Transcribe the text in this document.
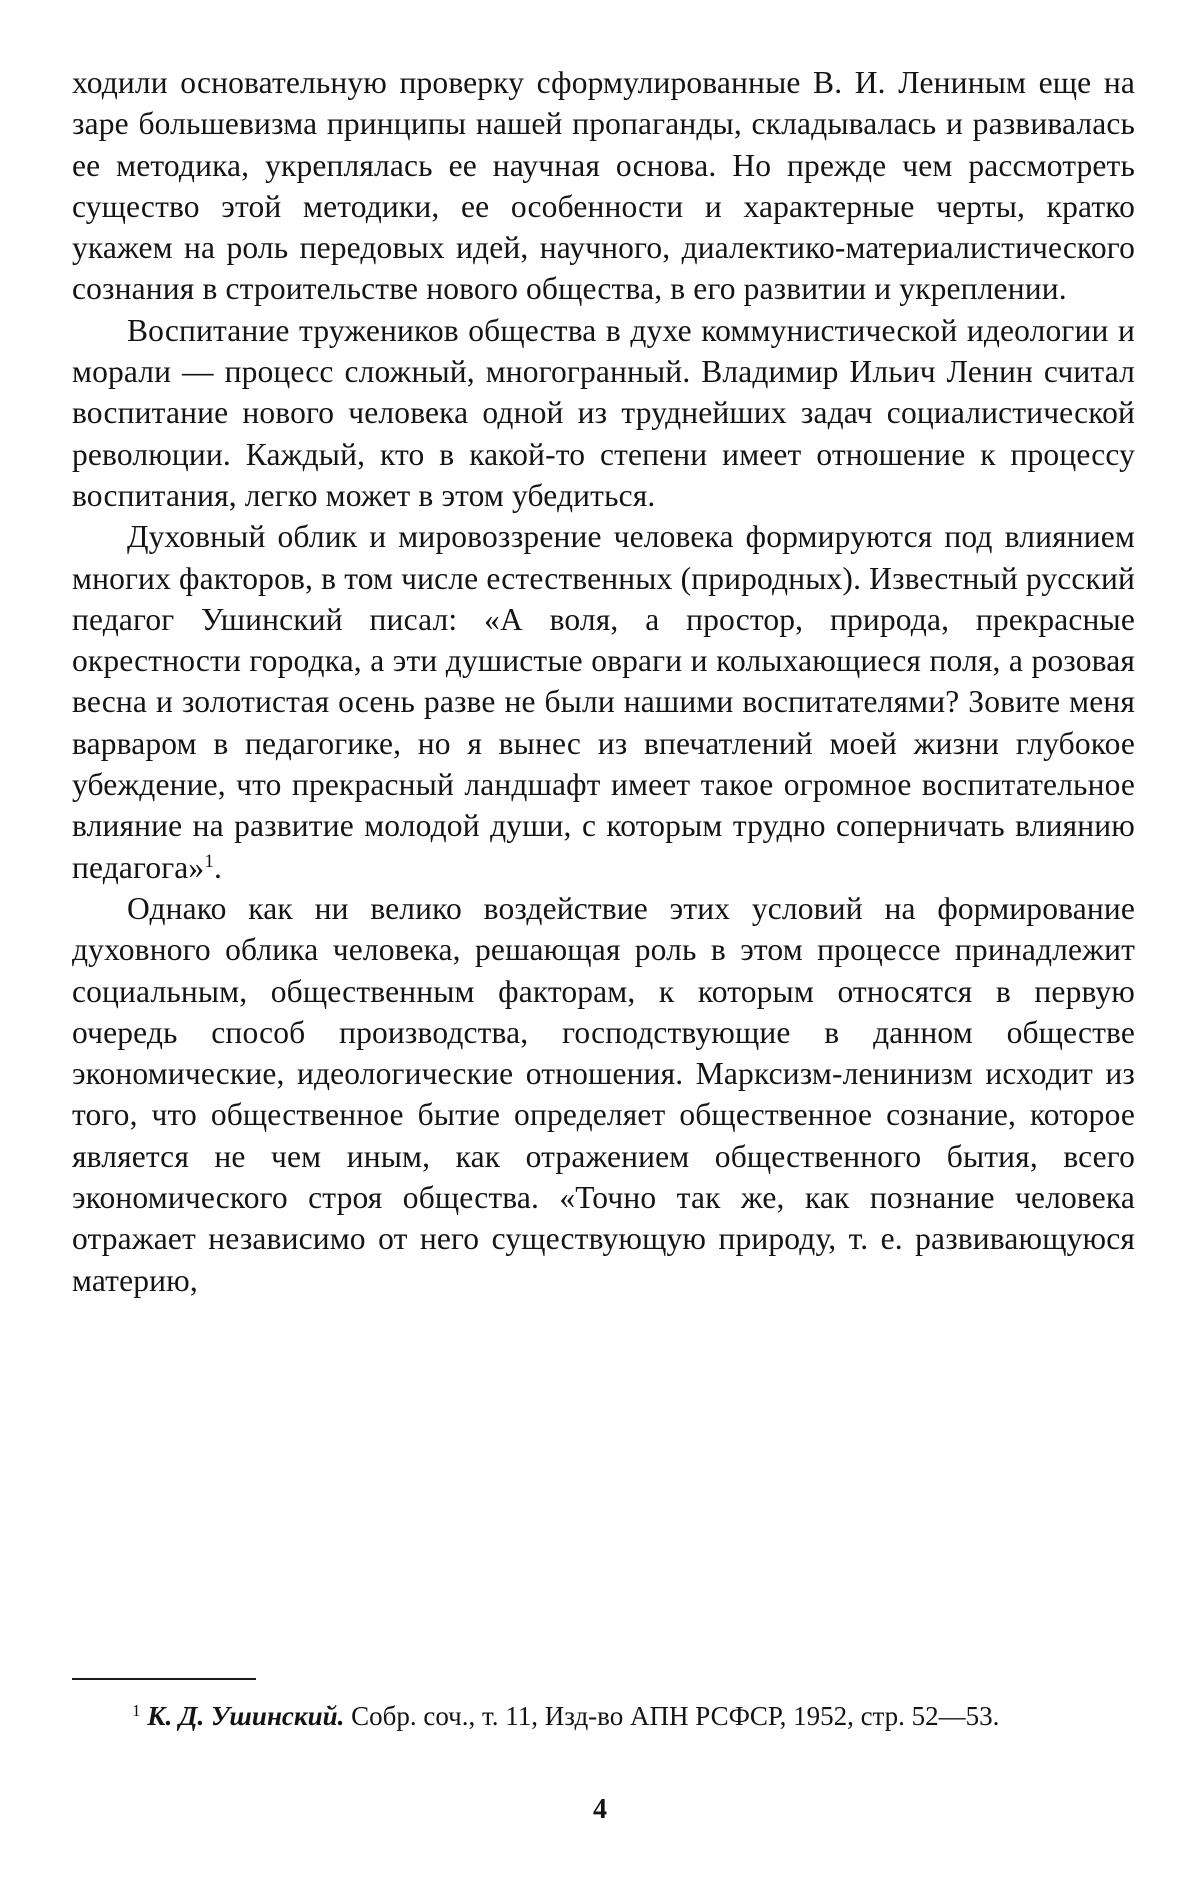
ходили основательную проверку сформулированные В. И. Лениным еще на заре большевизма принципы нашей пропаганды, складывалась и развивалась ее методика, укреплялась ее научная основа. Но прежде чем рассмотреть существо этой методики, ее особенности и характерные черты, кратко укажем на роль передовых идей, научного, диалектико-материалистического сознания в строительстве нового общества, в его развитии и укреплении.

Воспитание тружеников общества в духе коммунистической идеологии и морали — процесс сложный, многогранный. Владимир Ильич Ленин считал воспитание нового человека одной из труднейших задач социалистической революции. Каждый, кто в какой-то степени имеет отношение к процессу воспитания, легко может в этом убедиться.

Духовный облик и мировоззрение человека формируются под влиянием многих факторов, в том числе естественных (природных). Известный русский педагог Ушинский писал: «А воля, а простор, природа, прекрасные окрестности городка, а эти душистые овраги и колыхающиеся поля, а розовая весна и золотистая осень разве не были нашими воспитателями? Зовите меня варваром в педагогике, но я вынес из впечатлений моей жизни глубокое убеждение, что прекрасный ландшафт имеет такое огромное воспитательное влияние на развитие молодой души, с которым трудно соперничать влиянию педагога»$^1$.

Однако как ни велико воздействие этих условий на формирование духовного облика человека, решающая роль в этом процессе принадлежит социальным, общественным факторам, к которым относятся в первую очередь способ производства, господствующие в данном обществе экономические, идеологические отношения. Марксизм-ленинизм исходит из того, что общественное бытие определяет общественное сознание, которое является не чем иным, как отражением общественного бытия, всего экономического строя общества. «Точно так же, как познание человека отражает независимо от него существующую природу, т. е. развивающуюся материю,

$^1$ К. Д. Ушинский. Собр. соч., т. 11, Изд-во АПН РСФСР, 1952, стр. 52—53.

4
